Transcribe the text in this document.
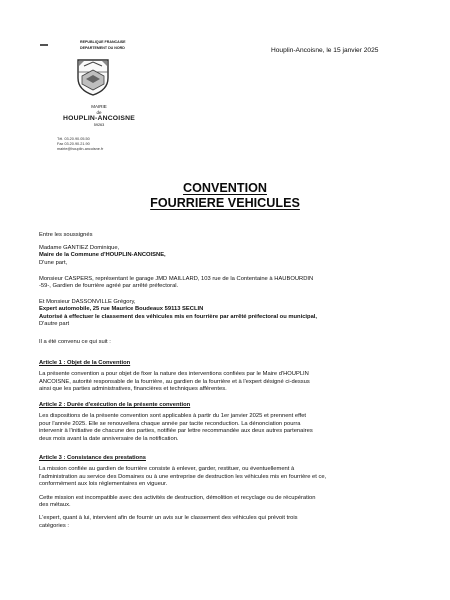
REPUBLIQUE FRANCAISE
DEPARTEMENT DU NORD
MAIRIE
de
HOUPLIN-ANCOISNE
59263
Tél. 03.20.90.05.50
Fax 03.20.90.21.90
mairie@houplin-ancoisne.fr
Houplin-Ancoisne, le 15 janvier 2025
CONVENTION
FOURRIERE VEHICULES
Entre les soussignés
Madame GANTIEZ Dominique,
Maire de la Commune d'HOUPLIN-ANCOISNE,
D'une part,
Monsieur CASPERS, représentant le garage JMD MAILLARD, 103 rue de la Contentaine à HAUBOURDIN
-59-, Gardien de fourrière agréé par arrêté préfectoral.
Et Monsieur DASSONVILLE Grégory,
Expert automobile, 25 rue Maurice Boudeaux 59113 SECLIN
Autorisé à effectuer le classement des véhicules mis en fourrière par arrêté préfectoral ou municipal,
D'autre part
Il a été convenu ce qui suit :
Article 1 : Objet de la Convention
La présente convention a pour objet de fixer la nature des interventions confiées par le Maire d'HOUPLIN
ANCOISNE, autorité responsable de la fourrière, au gardien de la fourrière et à l'expert désigné ci-dessus
ainsi que les parties administratives, financières et techniques afférentes.
Article 2 : Durée d'exécution de la présente convention
Les dispositions de la présente convention sont applicables à partir du 1er janvier 2025 et prennent effet
pour l'année 2025. Elle se renouvellera chaque année par tacite reconduction. La dénonciation pourra
intervenir à l'initiative de chacune des parties, notifiée par lettre recommandée aux deux autres partenaires
deux mois avant la date anniversaire de la notification.
Article 3 : Consistance des prestations
La mission confiée au gardien de fourrière consiste à enlever, garder, restituer, ou éventuellement à
l'administration au service des Domaines ou à une entreprise de destruction les véhicules mis en fourrière et ce,
conformément aux lois réglementaires en vigueur.
Cette mission est incompatible avec des activités de destruction, démolition et recyclage ou de récupération
des métaux.
L'expert, quant à lui, intervient afin de fournir un avis sur le classement des véhicules qui prévoit trois
catégories :
